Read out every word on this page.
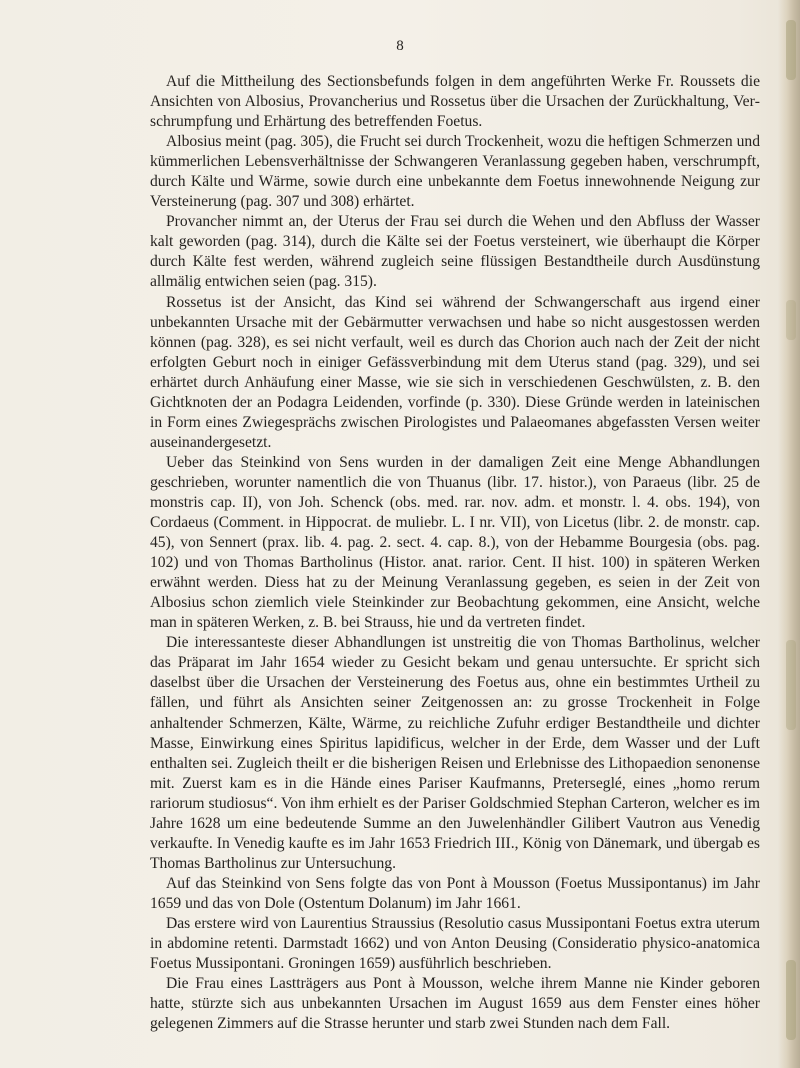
8

Auf die Mittheilung des Sectionsbefunds folgen in dem angeführten Werke Fr. Roussets die Ansichten von Albosius, Provancherius und Rossetus über die Ursachen der Zurückhaltung, Verschrumpfung und Erhärtung des betreffenden Foetus.

Albosius meint (pag. 305), die Frucht sei durch Trockenheit, wozu die heftigen Schmerzen und kümmerlichen Lebensverhältnisse der Schwangeren Veranlassung gegeben haben, verschrumpft, durch Kälte und Wärme, sowie durch eine unbekannte dem Foetus innewohnende Neigung zur Versteinerung (pag. 307 und 308) erhärtet.

Provancher nimmt an, der Uterus der Frau sei durch die Wehen und den Abfluss der Wasser kalt geworden (pag. 314), durch die Kälte sei der Foetus versteinert, wie überhaupt die Körper durch Kälte fest werden, während zugleich seine flüssigen Bestandtheile durch Ausdünstung allmälig entwichen seien (pag. 315).

Rossetus ist der Ansicht, das Kind sei während der Schwangerschaft aus irgend einer unbekannten Ursache mit der Gebärmutter verwachsen und habe so nicht ausgestossen werden können (pag. 328), es sei nicht verfault, weil es durch das Chorion auch nach der Zeit der nicht erfolgten Geburt noch in einiger Gefässverbindung mit dem Uterus stand (pag. 329), und sei erhärtet durch Anhäufung einer Masse, wie sie sich in verschiedenen Geschwülsten, z. B. den Gichtknoten der an Podagra Leidenden, vorfinde (p. 330). Diese Gründe werden in lateinischen in Form eines Zwiegesprächs zwischen Pirologistes und Palaeomanes abgefassten Versen weiter auseinandergesetzt.

Ueber das Steinkind von Sens wurden in der damaligen Zeit eine Menge Abhandlungen geschrieben, worunter namentlich die von Thuanus (libr. 17. histor.), von Paraeus (libr. 25 de monstris cap. II), von Joh. Schenck (obs. med. rar. nov. adm. et monstr. l. 4. obs. 194), von Cordaeus (Comment. in Hippocrat. de muliebr. L. I nr. VII), von Licetus (libr. 2. de monstr. cap. 45), von Sennert (prax. lib. 4. pag. 2. sect. 4. cap. 8.), von der Hebamme Bourgesia (obs. pag. 102) und von Thomas Bartholinus (Histor. anat. rarior. Cent. II hist. 100) in späteren Werken erwähnt werden. Diess hat zu der Meinung Veranlassung gegeben, es seien in der Zeit von Albosius schon ziemlich viele Steinkinder zur Beobachtung gekommen, eine Ansicht, welche man in späteren Werken, z. B. bei Strauss, hie und da vertreten findet.

Die interessanteste dieser Abhandlungen ist unstreitig die von Thomas Bartholinus, welcher das Präparat im Jahr 1654 wieder zu Gesicht bekam und genau untersuchte. Er spricht sich daselbst über die Ursachen der Versteinerung des Foetus aus, ohne ein bestimmtes Urtheil zu fällen, und führt als Ansichten seiner Zeitgenossen an: zu grosse Trockenheit in Folge anhaltender Schmerzen, Kälte, Wärme, zu reichliche Zufuhr erdiger Bestandtheile und dichter Masse, Einwirkung eines Spiritus lapidificus, welcher in der Erde, dem Wasser und der Luft enthalten sei. Zugleich theilt er die bisherigen Reisen und Erlebnisse des Lithopaedion senonense mit. Zuerst kam es in die Hände eines Pariser Kaufmanns, Preterseglé, eines „homo rerum rariorum studiosus“. Von ihm erhielt es der Pariser Goldschmied Stephan Carteron, welcher es im Jahre 1628 um eine bedeutende Summe an den Juwelenhändler Gilibert Vautron aus Venedig verkaufte. In Venedig kaufte es im Jahr 1653 Friedrich III., König von Dänemark, und übergab es Thomas Bartholinus zur Untersuchung.

Auf das Steinkind von Sens folgte das von Pont à Mousson (Foetus Mussipontanus) im Jahr 1659 und das von Dole (Ostentum Dolanum) im Jahr 1661.

Das erstere wird von Laurentius Straussius (Resolutio casus Mussipontani Foetus extra uterum in abdomine retenti. Darmstadt 1662) und von Anton Deusing (Consideratio physico-anatomica Foetus Mussipontani. Groningen 1659) ausführlich beschrieben.

Die Frau eines Lastträgers aus Pont à Mousson, welche ihrem Manne nie Kinder geboren hatte, stürzte sich aus unbekannten Ursachen im August 1659 aus dem Fenster eines höher gelegenen Zimmers auf die Strasse herunter und starb zwei Stunden nach dem Fall.
